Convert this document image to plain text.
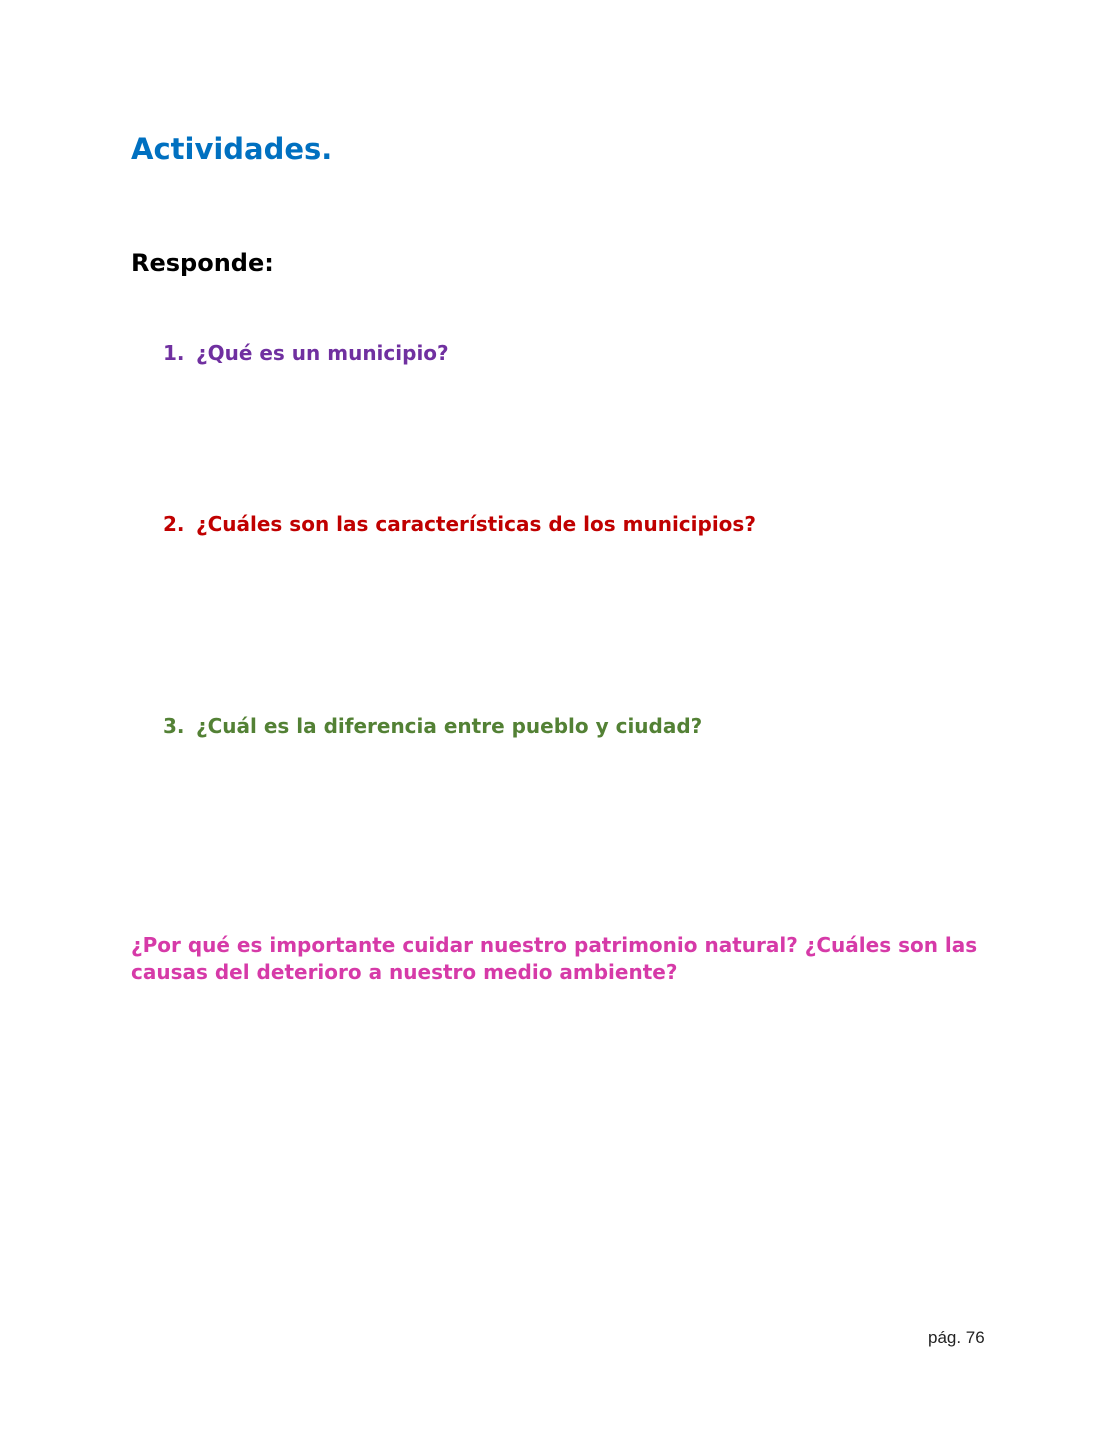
Actividades.
Responde:

1. ¿Qué es un municipio?

2. ¿Cuáles son las características de los municipios?

3. ¿Cuál es la diferencia entre pueblo y ciudad?

¿Por qué es importante cuidar nuestro patrimonio natural? ¿Cuáles son las causas del deterioro a nuestro medio ambiente?

pág. 76
